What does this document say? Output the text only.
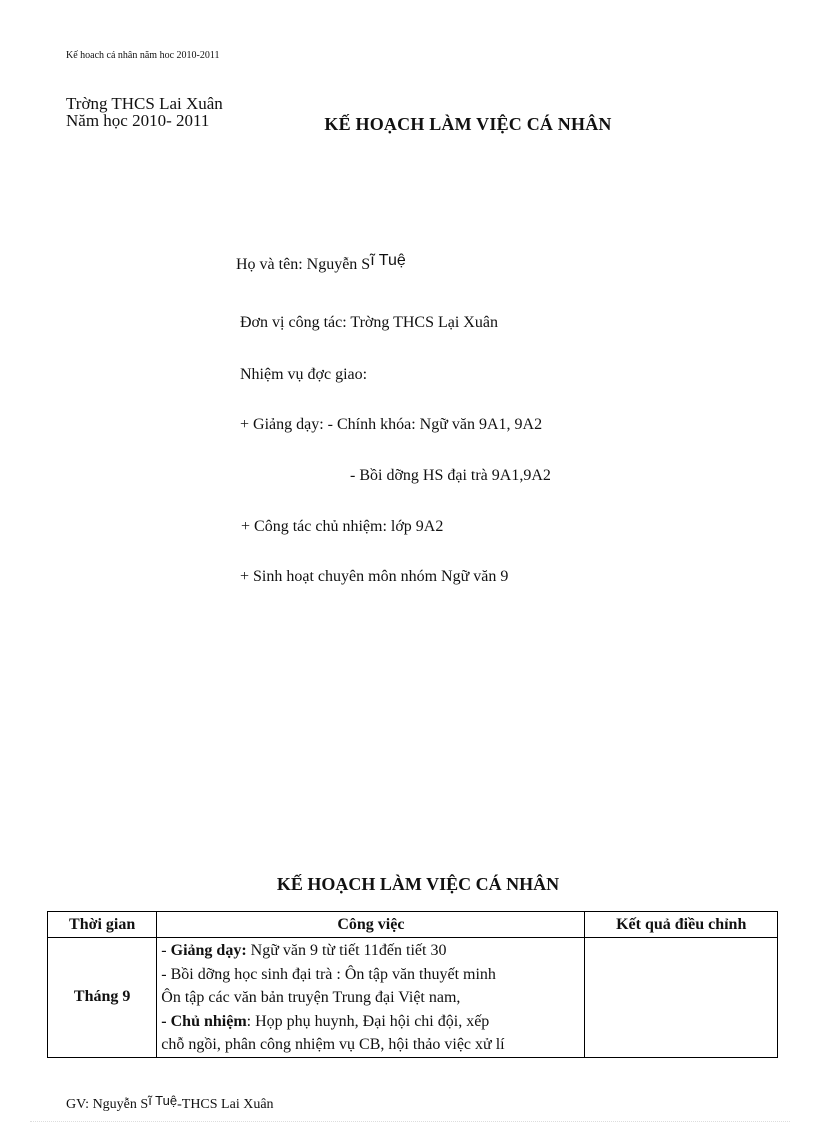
Kế hoach cá nhân năm hoc 2010-2011
Trờng THCS Lai Xuân
Năm học 2010- 2011	KẾ HOẠCH LÀM VIỆC CÁ NHÂN
Họ và tên: Nguyễn Sĩ Tuệ
Đơn vị công tác: Trờng THCS Lại Xuân
Nhiệm vụ đợc giao:
+ Giảng dạy: - Chính khóa: Ngữ văn 9A1, 9A2
- Bồi dỡng HS đại trà 9A1,9A2
+ Công tác chủ nhiệm: lớp 9A2
+ Sinh hoạt chuyên môn nhóm Ngữ văn 9
KẾ HOẠCH LÀM VIỆC CÁ NHÂN
Thời gian	Công việc	Kết quả điều chỉnh
Tháng 9	- Giảng dạy: Ngữ văn 9 từ tiết 11đến tiết 30
- Bồi dỡng học sinh đại trà : Ôn tập văn thuyết minh
Ôn tập các văn bản truyện Trung đại Việt nam,
- Chủ nhiệm: Họp phụ huynh, Đại hội chi đội, xếp
chỗ ngồi, phân công nhiệm vụ CB, hội thảo việc xử lí	

GV: Nguyễn Sĩ Tuệ-THCS Lai Xuân
